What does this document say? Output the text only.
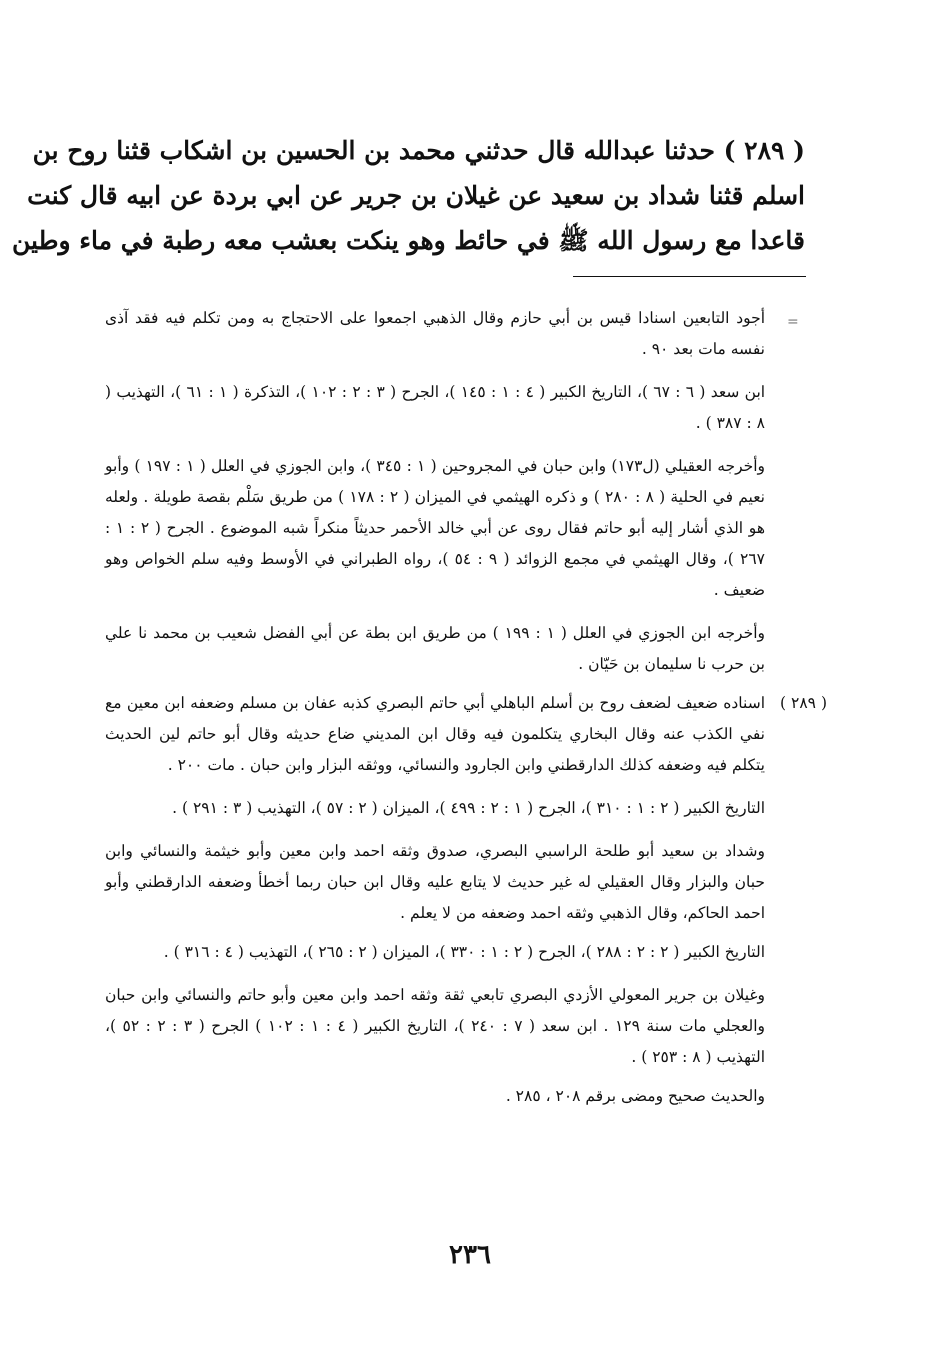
( ٢٨٩ ) حدثنا عبدالله قال حدثني محمد بن الحسين بن اشكاب قثنا روح بن
اسلم قثنا شداد بن سعيد عن غيلان بن جرير عن ابي بردة عن ابيه قال كنت
قاعدا مع رسول الله ﷺ في حائط وهو ينكت بعشب معه رطبة في ماء وطين
=

أجود التابعين اسنادا قيس بن أبي حازم وقال الذهبي اجمعوا على الاحتجاج به ومن تكلم فيه فقد آذى نفسه مات بعد ٩٠ .

ابن سعد ( ٦ : ٦٧ )، التاريخ الكبير ( ٤ : ١ : ١٤٥ )، الجرح ( ٣ : ٢ : ١٠٢ )، التذكرة ( ١ : ٦١ )، التهذيب ( ٨ : ٣٨٧ ) .

وأخرجه العقيلي (ل١٧٣) وابن حبان في المجروحين ( ١ : ٣٤٥ )، وابن الجوزي في العلل ( ١ : ١٩٧ ) وأبو نعيم في الحلية ( ٨ : ٢٨٠ ) و ذكره الهيثمي في الميزان ( ٢ : ١٧٨ ) من طريق سَلْم بقصة طويلة . ولعله هو الذي أشار إليه أبو حاتم فقال روى عن أبي خالد الأحمر حديثاً منكراً شبه الموضوع . الجرح ( ٢ : ١ : ٢٦٧ )، وقال الهيثمي في مجمع الزوائد ( ٩ : ٥٤ )، رواه الطبراني في الأوسط وفيه سلم الخواص وهو ضعيف .

وأخرجه ابن الجوزي في العلل ( ١ : ١٩٩ ) من طريق ابن بطة عن أبي الفضل شعيب بن محمد نا علي بن حرب نا سليمان بن حَيّان .

( ٢٨٩ )
اسناده ضعيف لضعف روح بن أسلم الباهلي أبي حاتم البصري كذبه عفان بن مسلم وضعفه ابن معين مع نفي الكذب عنه وقال البخاري يتكلمون فيه وقال ابن المديني ضاع حديثه وقال أبو حاتم لين الحديث يتكلم فيه وضعفه كذلك الدارقطني وابن الجارود والنسائي، ووثقه البزار وابن حبان . مات ٢٠٠ .

التاريخ الكبير ( ٢ : ١ : ٣١٠ )، الجرح ( ١ : ٢ : ٤٩٩ )، الميزان ( ٢ : ٥٧ )، التهذيب ( ٣ : ٢٩١ ) .

وشداد بن سعيد أبو طلحة الراسبي البصري، صدوق وثقه احمد وابن معين وأبو خيثمة والنسائي وابن حبان والبزار وقال العقيلي له غير حديث لا يتابع عليه وقال ابن حبان ربما أخطأ وضعفه الدارقطني وأبو احمد الحاكم، وقال الذهبي وثقه احمد وضعفه من لا يعلم .

التاريخ الكبير ( ٢ : ٢ : ٢٨٨ )، الجرح ( ٢ : ١ : ٣٣٠ )، الميزان ( ٢ : ٢٦٥ )، التهذيب ( ٤ : ٣١٦ ) .

وغيلان بن جرير المعولي الأزدي البصري تابعي ثقة وثقه احمد وابن معين وأبو حاتم والنسائي وابن حبان والعجلي مات سنة ١٢٩ . ابن سعد ( ٧ : ٢٤٠ )، التاريخ الكبير ( ٤ : ١ : ١٠٢ ) الجرح ( ٣ : ٢ : ٥٢ )، التهذيب ( ٨ : ٢٥٣ ) .

والحديث صحيح ومضى برقم ٢٠٨ ، ٢٨٥ .

٢٣٦
